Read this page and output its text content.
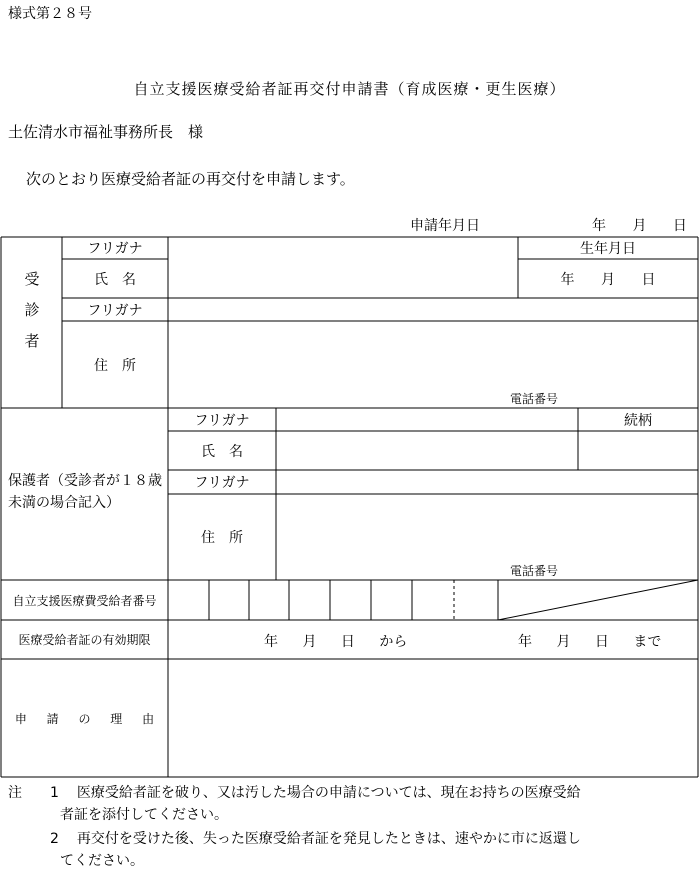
様式第２８号
自立支援医療受給者証再交付申請書（育成医療・更生医療）
土佐清水市福祉事務所長　様
次のとおり医療受給者証の再交付を申請します。
申請年月日	年 月 日
受
診
者
フリガナ	生年月日
氏　名	年 月 日
フリガナ
住　所
電話番号
保護者（受診者が１８歳未満の場合記入）
フリガナ	続柄
氏　名
フリガナ
住　所
電話番号
自立支援医療費受給者番号
医療受給者証の有効期限	年 月 日 から	年 月 日 まで
申 請 の 理 由
注 1 医療受給者証を破り、又は汚した場合の申請については、現在お持ちの医療受給
者証を添付してください。
2 再交付を受けた後、失った医療受給者証を発見したときは、速やかに市に返還し
てください。
